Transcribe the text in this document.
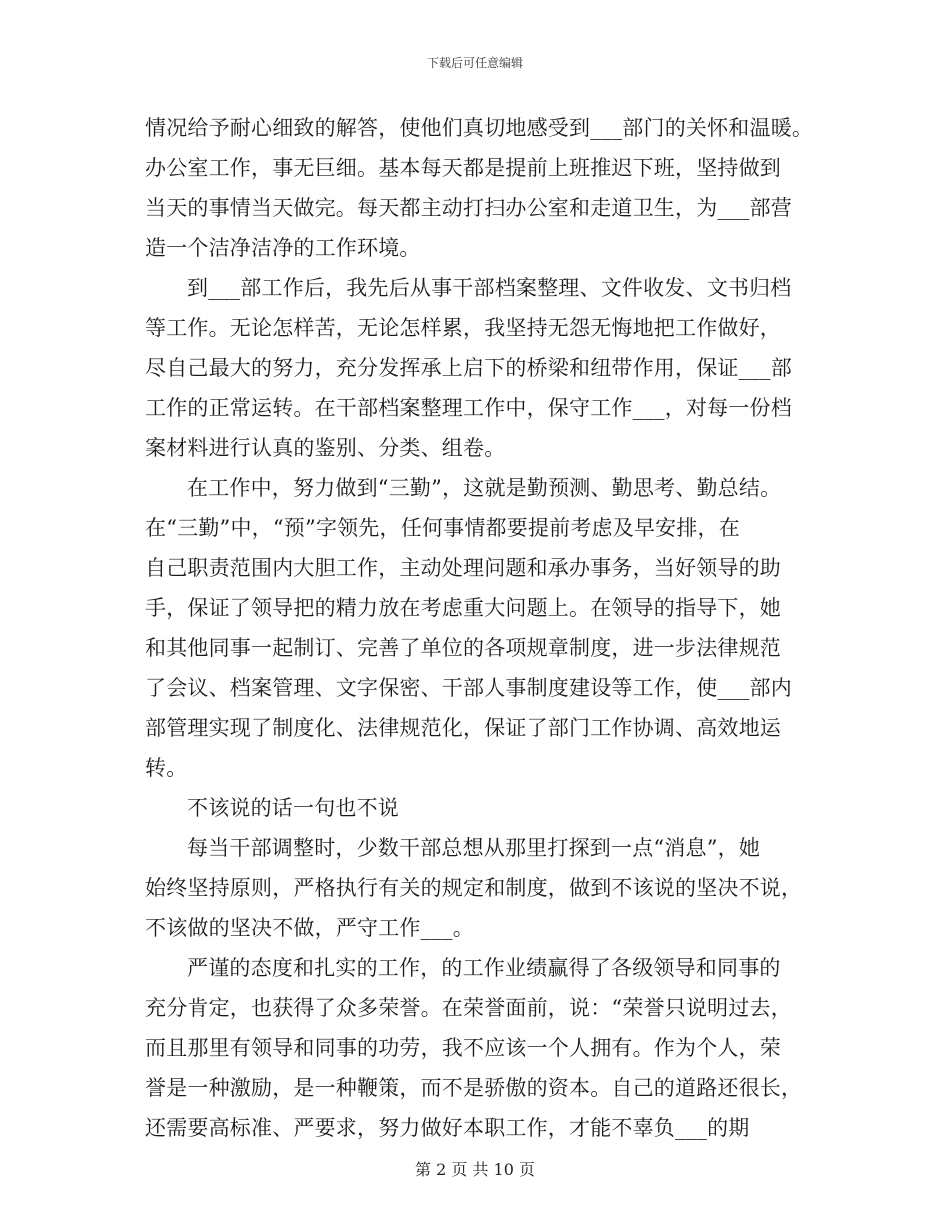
下载后可任意编辑
情况给予耐心细致的解答，使他们真切地感受到___部门的关怀和温暖。
办公室工作，事无巨细。基本每天都是提前上班推迟下班，坚持做到
当天的事情当天做完。每天都主动打扫办公室和走道卫生，为___部营
造一个洁净洁净的工作环境。
到___部工作后，我先后从事干部档案整理、文件收发、文书归档
等工作。无论怎样苦，无论怎样累，我坚持无怨无悔地把工作做好，
尽自己最大的努力，充分发挥承上启下的桥梁和纽带作用，保证___部
工作的正常运转。在干部档案整理工作中，保守工作___，对每一份档
案材料进行认真的鉴别、分类、组卷。
在工作中，努力做到“三勤”，这就是勤预测、勤思考、勤总结。
在“三勤”中，“预”字领先，任何事情都要提前考虑及早安排，在
自己职责范围内大胆工作，主动处理问题和承办事务，当好领导的助
手，保证了领导把的精力放在考虑重大问题上。在领导的指导下，她
和其他同事一起制订、完善了单位的各项规章制度，进一步法律规范
了会议、档案管理、文字保密、干部人事制度建设等工作，使___部内
部管理实现了制度化、法律规范化，保证了部门工作协调、高效地运
转。
不该说的话一句也不说
每当干部调整时，少数干部总想从那里打探到一点“消息”，她
始终坚持原则，严格执行有关的规定和制度，做到不该说的坚决不说，
不该做的坚决不做，严守工作___。
严谨的态度和扎实的工作，的工作业绩赢得了各级领导和同事的
充分肯定，也获得了众多荣誉。在荣誉面前，说：“荣誉只说明过去，
而且那里有领导和同事的功劳，我不应该一个人拥有。作为个人，荣
誉是一种激励，是一种鞭策，而不是骄傲的资本。自己的道路还很长，
还需要高标准、严要求，努力做好本职工作，才能不辜负___的期
第 2 页 共 10 页
